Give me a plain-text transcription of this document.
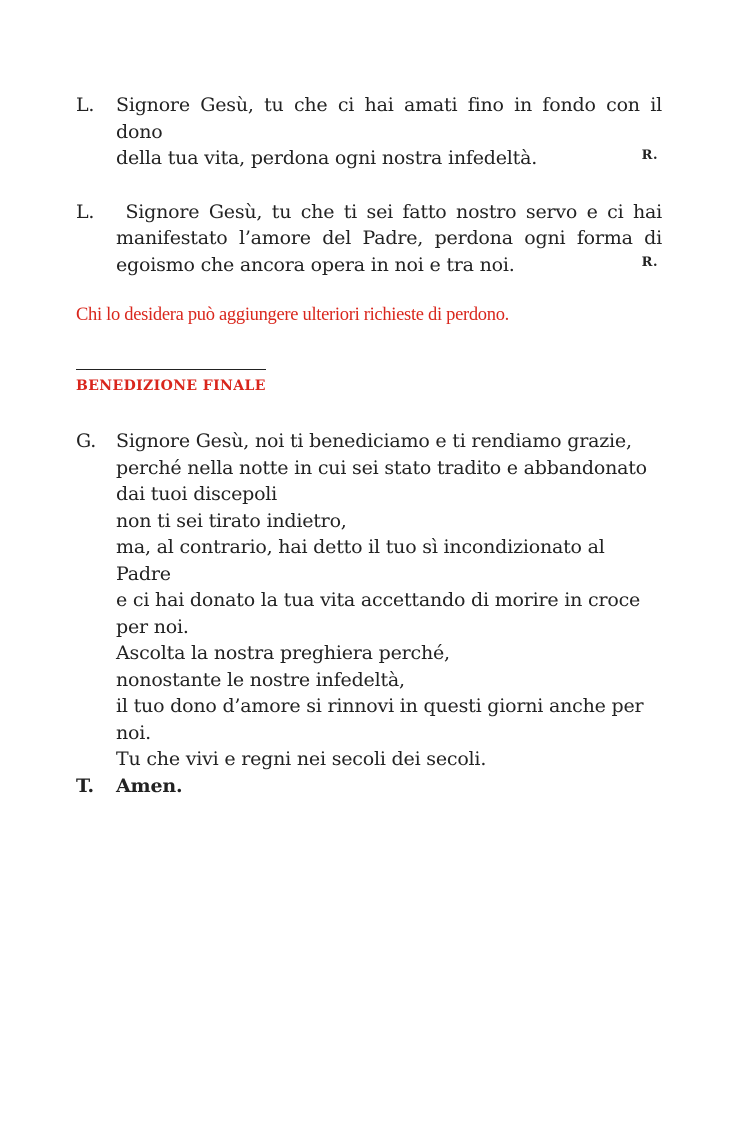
L.	Signore Gesù, tu che ci hai amati fino in fondo con il dono
della tua vita, perdona ogni nostra infedeltà.	R.
L.	Signore Gesù, tu che ti sei fatto nostro servo e ci hai
manifestato l’amore del Padre, perdona ogni forma di
egoismo che ancora opera in noi e tra noi.	R.
Chi lo desidera può aggiungere ulteriori richieste di perdono.
BENEDIZIONE FINALE
G.	Signore Gesù, noi ti benediciamo e ti rendiamo grazie,
perché nella notte in cui sei stato tradito e abbandonato
dai tuoi discepoli
non ti sei tirato indietro,
ma, al contrario, hai detto il tuo sì incondizionato al Padre
e ci hai donato la tua vita accettando di morire in croce
per noi.
Ascolta la nostra preghiera perché,
nonostante le nostre infedeltà,
il tuo dono d’amore si rinnovi in questi giorni anche per noi.
Tu che vivi e regni nei secoli dei secoli.
T.	Amen.
